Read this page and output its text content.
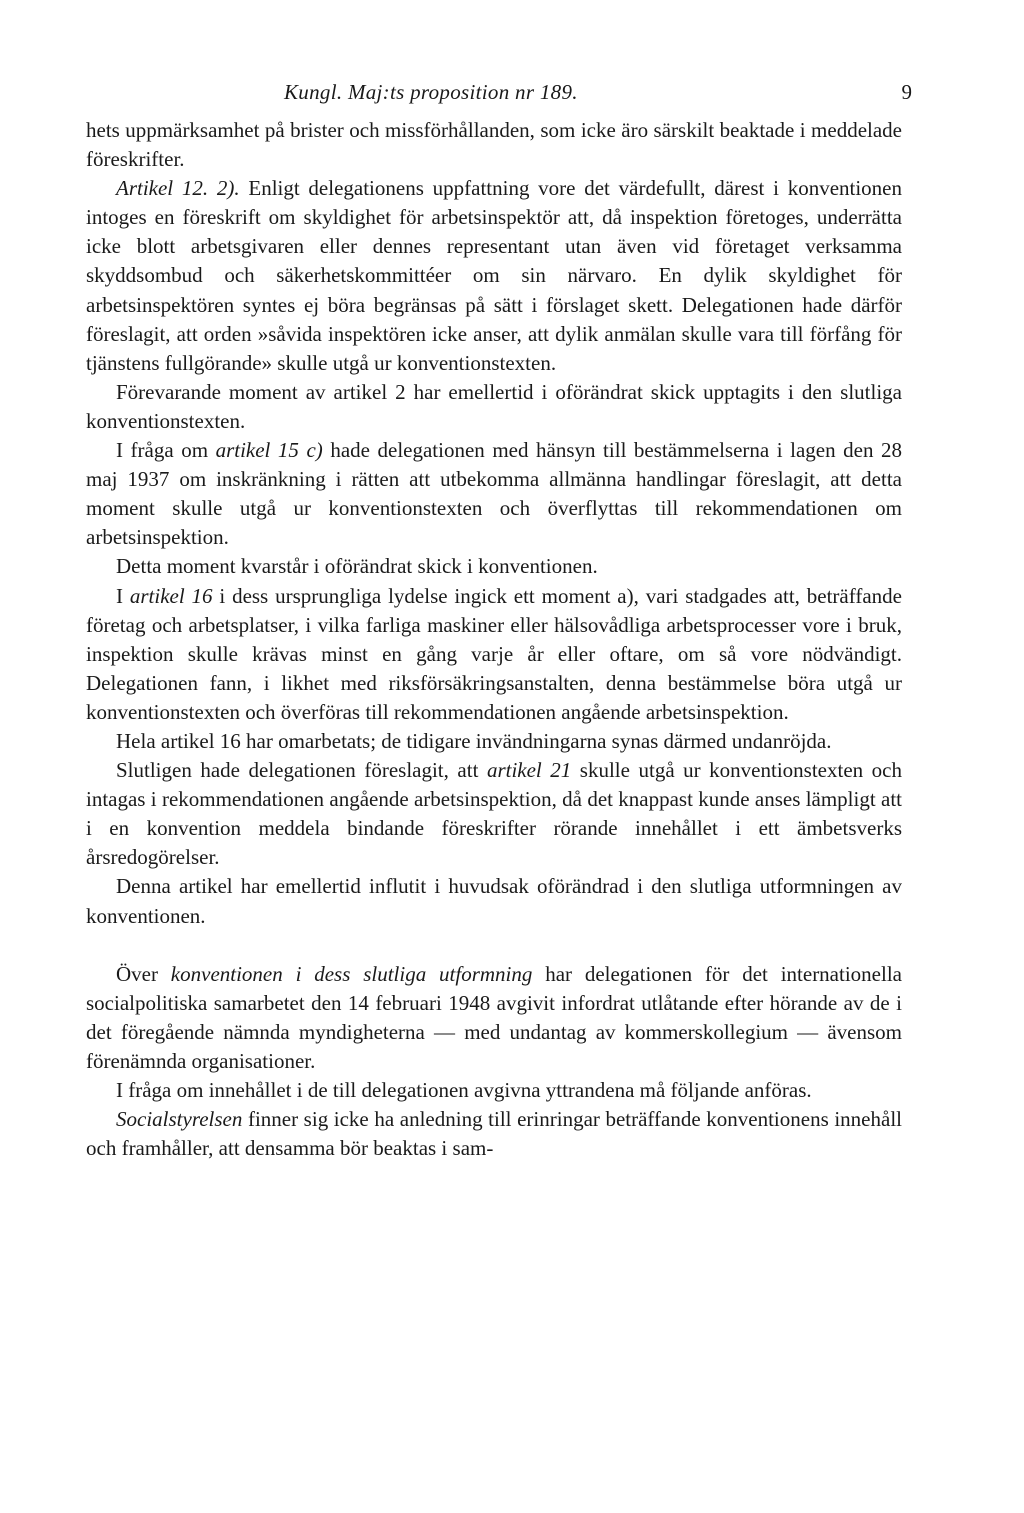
Kungl. Maj:ts proposition nr 189.	9

hets uppmärksamhet på brister och missförhållanden, som icke äro särskilt beaktade i meddelade föreskrifter.

Artikel 12. 2). Enligt delegationens uppfattning vore det värdefullt, därest i konventionen intoges en föreskrift om skyldighet för arbetsinspektör att, då inspektion företoges, underrätta icke blott arbetsgivaren eller dennes representant utan även vid företaget verksamma skyddsombud och säkerhetskommittéer om sin närvaro. En dylik skyldighet för arbetsinspektören syntes ej böra begränsas på sätt i förslaget skett. Delegationen hade därför föreslagit, att orden »såvida inspektören icke anser, att dylik anmälan skulle vara till förfång för tjänstens fullgörande» skulle utgå ur konventionstexten.

Förevarande moment av artikel 2 har emellertid i oförändrat skick upptagits i den slutliga konventionstexten.

I fråga om artikel 15 c) hade delegationen med hänsyn till bestämmelserna i lagen den 28 maj 1937 om inskränkning i rätten att utbekomma allmänna handlingar föreslagit, att detta moment skulle utgå ur konventionstexten och överflyttas till rekommendationen om arbetsinspektion.

Detta moment kvarstår i oförändrat skick i konventionen.

I artikel 16 i dess ursprungliga lydelse ingick ett moment a), vari stadgades att, beträffande företag och arbetsplatser, i vilka farliga maskiner eller hälsovådliga arbetsprocesser vore i bruk, inspektion skulle krävas minst en gång varje år eller oftare, om så vore nödvändigt. Delegationen fann, i likhet med riksförsäkringsanstalten, denna bestämmelse böra utgå ur konventionstexten och överföras till rekommendationen angående arbetsinspektion.

Hela artikel 16 har omarbetats; de tidigare invändningarna synas därmed undanröjda.

Slutligen hade delegationen föreslagit, att artikel 21 skulle utgå ur konventionstexten och intagas i rekommendationen angående arbetsinspektion, då det knappast kunde anses lämpligt att i en konvention meddela bindande föreskrifter rörande innehållet i ett ämbetsverks årsredogörelser.

Denna artikel har emellertid influtit i huvudsak oförändrad i den slutliga utformningen av konventionen.

Över konventionen i dess slutliga utformning har delegationen för det internationella socialpolitiska samarbetet den 14 februari 1948 avgivit infordrat utlåtande efter hörande av de i det föregående nämnda myndigheterna — med undantag av kommerskollegium — ävensom förenämnda organisationer.

I fråga om innehållet i de till delegationen avgivna yttrandena må följande anföras.

Socialstyrelsen finner sig icke ha anledning till erinringar beträffande konventionens innehåll och framhåller, att densamma bör beaktas i sam-
